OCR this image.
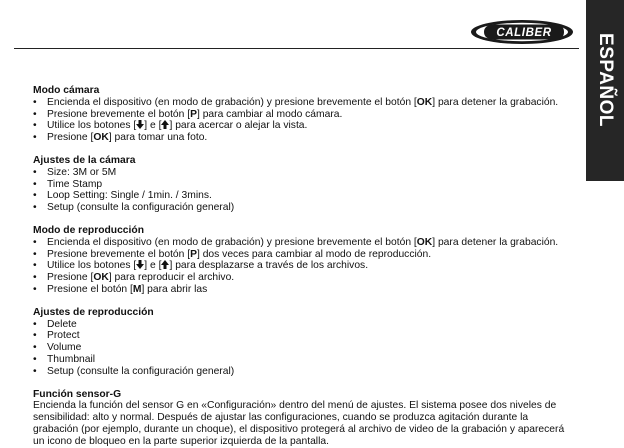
CALIBER ESPAÑOL
Modo cámara
• Encienda el dispositivo (en modo de grabación) y presione brevemente el botón [OK] para detener la grabación.
• Presione brevemente el botón [P] para cambiar al modo cámara.
• Utilice los botones [ ] e [ ] para acercar o alejar la vista.
• Presione [OK] para tomar una foto.
Ajustes de la cámara
• Size: 3M or 5M
• Time Stamp
• Loop Setting: Single / 1min. / 3mins.
• Setup (consulte la configuración general)
Modo de reproducción
• Encienda el dispositivo (en modo de grabación) y presione brevemente el botón [OK] para detener la grabación.
• Presione brevemente el botón [P] dos veces para cambiar al modo de reproducción.
• Utilice los botones [ ] e [ ] para desplazarse a través de los archivos.
• Presione [OK] para reproducir el archivo.
• Presione el botón [M] para abrir las
Ajustes de reproducción
• Delete
• Protect
• Volume
• Thumbnail
• Setup (consulte la configuración general)
Función sensor-G

Encienda la función del sensor G en «Configuración» dentro del menú de ajustes. El sistema posee dos niveles de sensibilidad: alto y normal. Después de ajustar las configuraciones, cuando se produzca agitación durante la grabación (por ejemplo, durante un choque), el dispositivo protegerá al archivo de video de la grabación y aparecerá un icono de bloqueo en la parte superior izquierda de la pantalla.
